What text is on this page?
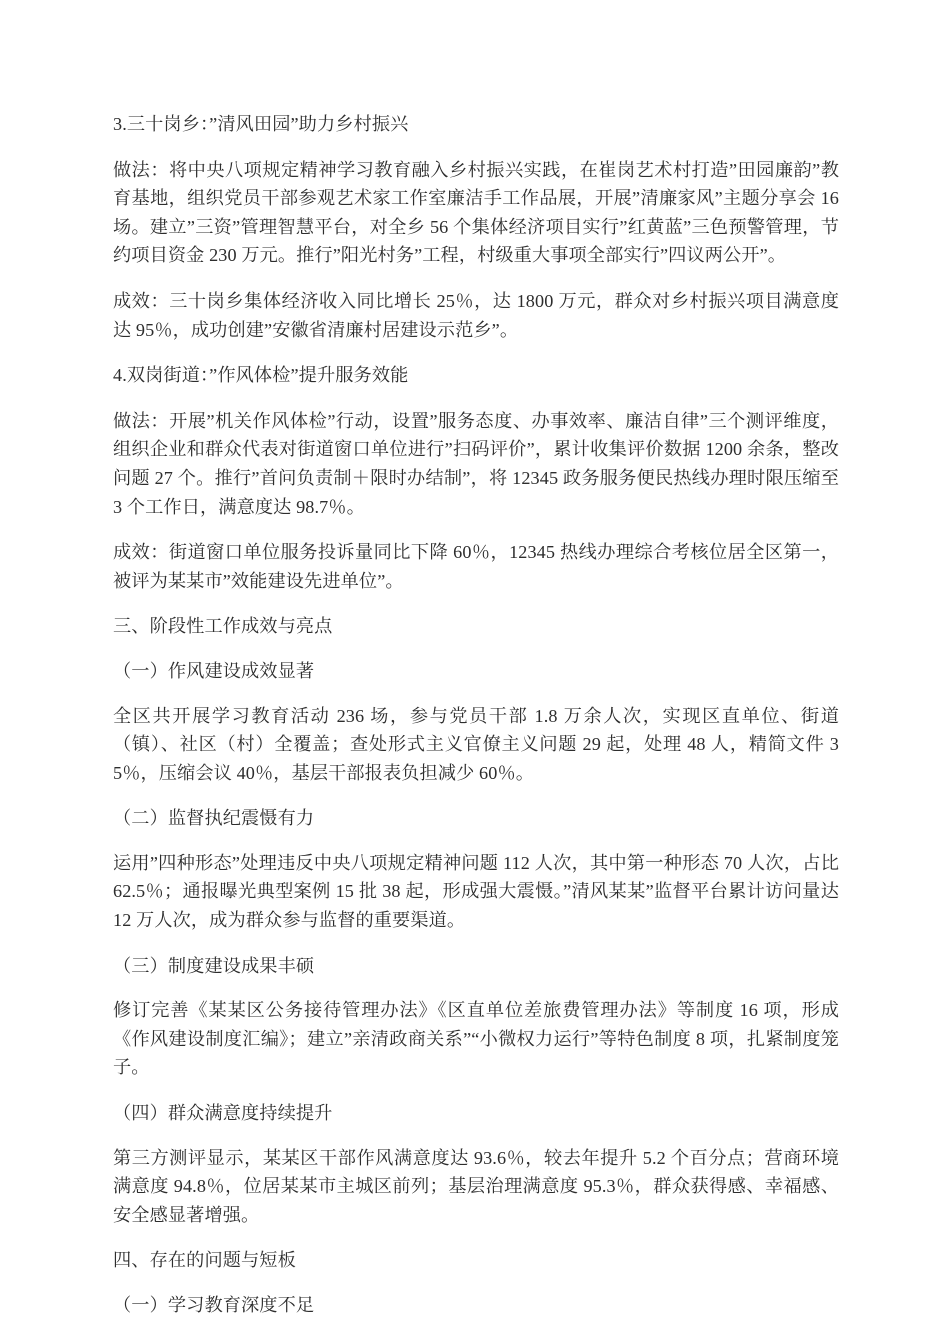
3.三十岗乡：”清风田园”助力乡村振兴

做法：将中央八项规定精神学习教育融入乡村振兴实践，在崔岗艺术村打造”田园廉韵”教育基地，组织党员干部参观艺术家工作室廉洁手工作品展，开展”清廉家风”主题分享会 16 场。建立”三资”管理智慧平台，对全乡 56 个集体经济项目实行”红黄蓝”三色预警管理，节约项目资金 230 万元。推行”阳光村务”工程，村级重大事项全部实行”四议两公开”。

成效：三十岗乡集体经济收入同比增长 25％，达 1800 万元，群众对乡村振兴项目满意度达 95％，成功创建”安徽省清廉村居建设示范乡”。

4.双岗街道：”作风体检”提升服务效能

做法：开展”机关作风体检”行动，设置”服务态度、办事效率、廉洁自律”三个测评维度，组织企业和群众代表对街道窗口单位进行”扫码评价”，累计收集评价数据 1200 余条，整改问题 27 个。推行”首问负责制＋限时办结制”，将 12345 政务服务便民热线办理时限压缩至 3 个工作日，满意度达 98.7％。

成效：街道窗口单位服务投诉量同比下降 60％，12345 热线办理综合考核位居全区第一，被评为某某市”效能建设先进单位”。

三、阶段性工作成效与亮点

（一）作风建设成效显著

全区共开展学习教育活动 236 场，参与党员干部 1.8 万余人次，实现区直单位、街道（镇）、社区（村）全覆盖；查处形式主义官僚主义问题 29 起，处理 48 人，精简文件 35％，压缩会议 40％，基层干部报表负担减少 60％。

（二）监督执纪震慑有力

运用”四种形态”处理违反中央八项规定精神问题 112 人次，其中第一种形态 70 人次，占比 62.5％；通报曝光典型案例 15 批 38 起，形成强大震慑。”清风某某”监督平台累计访问量达 12 万人次，成为群众参与监督的重要渠道。

（三）制度建设成果丰硕

修订完善《某某区公务接待管理办法》《区直单位差旅费管理办法》等制度 16 项，形成《作风建设制度汇编》；建立”亲清政商关系”“小微权力运行”等特色制度 8 项，扎紧制度笼子。

（四）群众满意度持续提升

第三方测评显示，某某区干部作风满意度达 93.6％，较去年提升 5.2 个百分点；营商环境满意度 94.8％，位居某某市主城区前列；基层治理满意度 95.3％，群众获得感、幸福感、安全感显著增强。

四、存在的问题与短板

（一）学习教育深度不足
